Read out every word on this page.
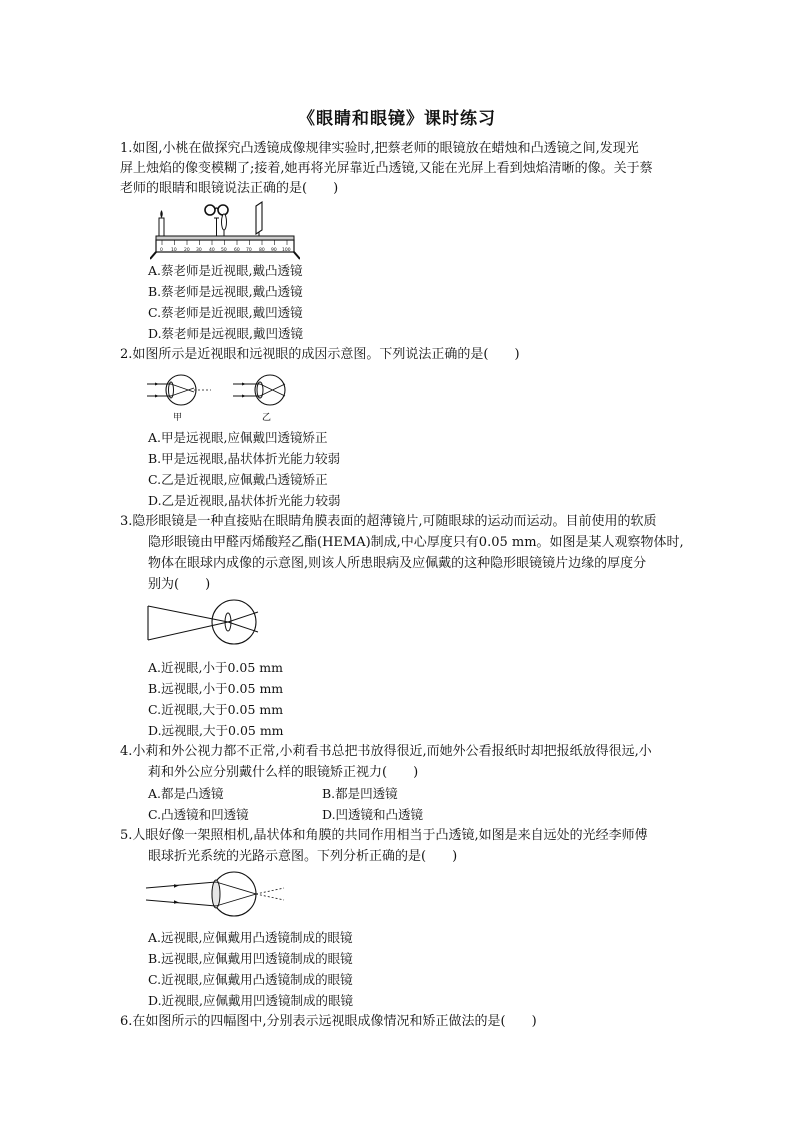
《眼睛和眼镜》课时练习
1.如图,小桃在做探究凸透镜成像规律实验时,把蔡老师的眼镜放在蜡烛和凸透镜之间,发现光
屏上烛焰的像变模糊了;接着,她再将光屏靠近凸透镜,又能在光屏上看到烛焰清晰的像。关于蔡
老师的眼睛和眼镜说法正确的是(　　)
0 10 20 30 40 50 60 70 80 90 100
A.蔡老师是近视眼,戴凸透镜
B.蔡老师是远视眼,戴凸透镜
C.蔡老师是近视眼,戴凹透镜
D.蔡老师是远视眼,戴凹透镜
2.如图所示是近视眼和远视眼的成因示意图。下列说法正确的是(　　)
甲	乙
A.甲是远视眼,应佩戴凹透镜矫正
B.甲是远视眼,晶状体折光能力较弱
C.乙是近视眼,应佩戴凸透镜矫正
D.乙是近视眼,晶状体折光能力较弱
3.隐形眼镜是一种直接贴在眼睛角膜表面的超薄镜片,可随眼球的运动而运动。目前使用的软质
隐形眼镜由甲醛丙烯酸羟乙酯(HEMA)制成,中心厚度只有0.05 mm。如图是某人观察物体时,
物体在眼球内成像的示意图,则该人所患眼病及应佩戴的这种隐形眼镜镜片边缘的厚度分
别为(　　)
A.近视眼,小于0.05 mm
B.远视眼,小于0.05 mm
C.近视眼,大于0.05 mm
D.远视眼,大于0.05 mm
4.小莉和外公视力都不正常,小莉看书总把书放得很近,而她外公看报纸时却把报纸放得很远,小
莉和外公应分别戴什么样的眼镜矫正视力(　　)
A.都是凸透镜	B.都是凹透镜
C.凸透镜和凹透镜	D.凹透镜和凸透镜
5.人眼好像一架照相机,晶状体和角膜的共同作用相当于凸透镜,如图是来自远处的光经李师傅
眼球折光系统的光路示意图。下列分析正确的是(　　)
A.远视眼,应佩戴用凸透镜制成的眼镜
B.远视眼,应佩戴用凹透镜制成的眼镜
C.近视眼,应佩戴用凸透镜制成的眼镜
D.近视眼,应佩戴用凹透镜制成的眼镜
6.在如图所示的四幅图中,分别表示远视眼成像情况和矫正做法的是(　　)
